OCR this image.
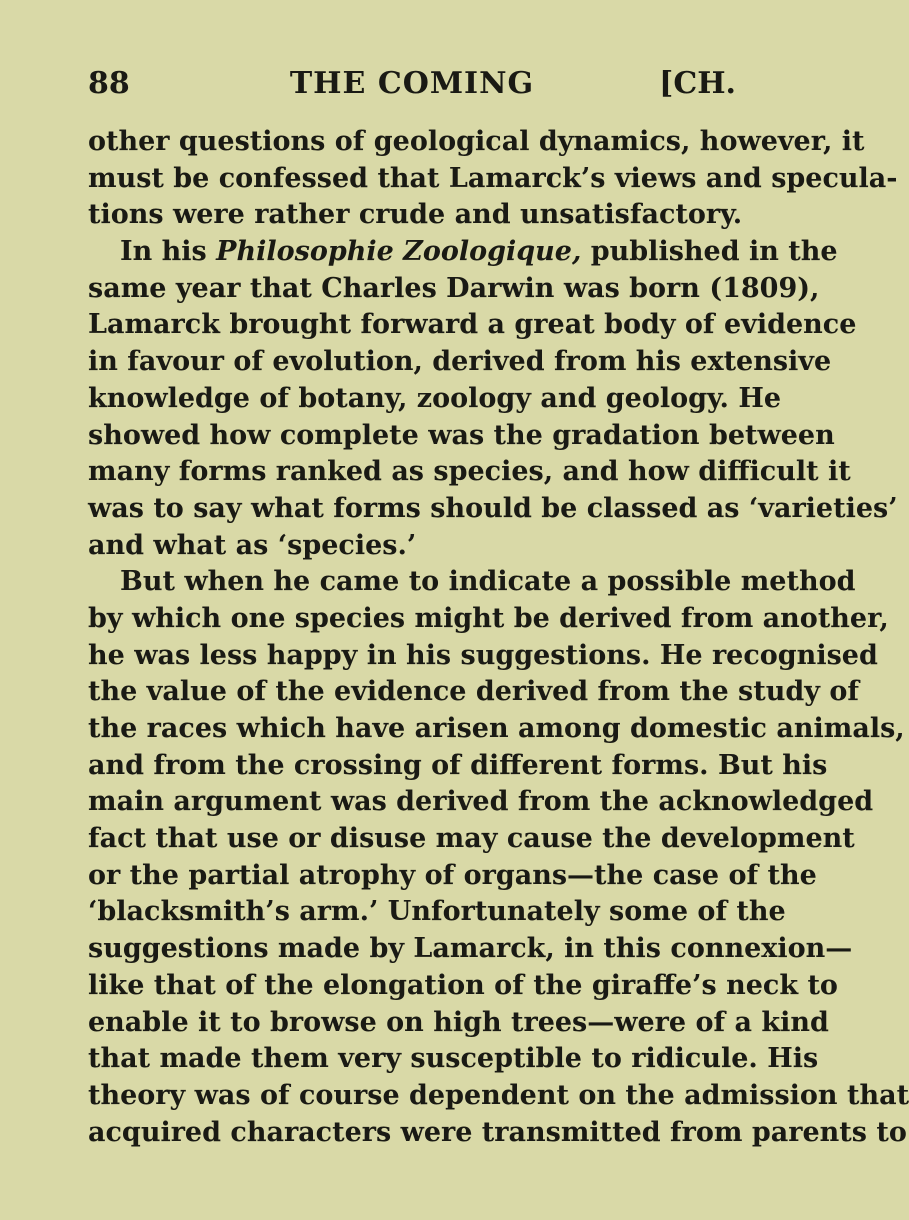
88	THE COMING	[CH.
other questions of geological dynamics, however, it
must be confessed that Lamarck’s views and specula-
tions were rather crude and unsatisfactory.
In his Philosophie Zoologique, published in the
same year that Charles Darwin was born (1809),
Lamarck brought forward a great body of evidence
in favour of evolution, derived from his extensive
knowledge of botany, zoology and geology. He
showed how complete was the gradation between
many forms ranked as species, and how difficult it
was to say what forms should be classed as ‘varieties’
and what as ‘species.’
But when he came to indicate a possible method
by which one species might be derived from another,
he was less happy in his suggestions. He recognised
the value of the evidence derived from the study of
the races which have arisen among domestic animals,
and from the crossing of different forms. But his
main argument was derived from the acknowledged
fact that use or disuse may cause the development
or the partial atrophy of organs—the case of the
‘blacksmith’s arm.’ Unfortunately some of the
suggestions made by Lamarck, in this connexion—
like that of the elongation of the giraffe’s neck to
enable it to browse on high trees—were of a kind
that made them very susceptible to ridicule. His
theory was of course dependent on the admission that
acquired characters were transmitted from parents to
